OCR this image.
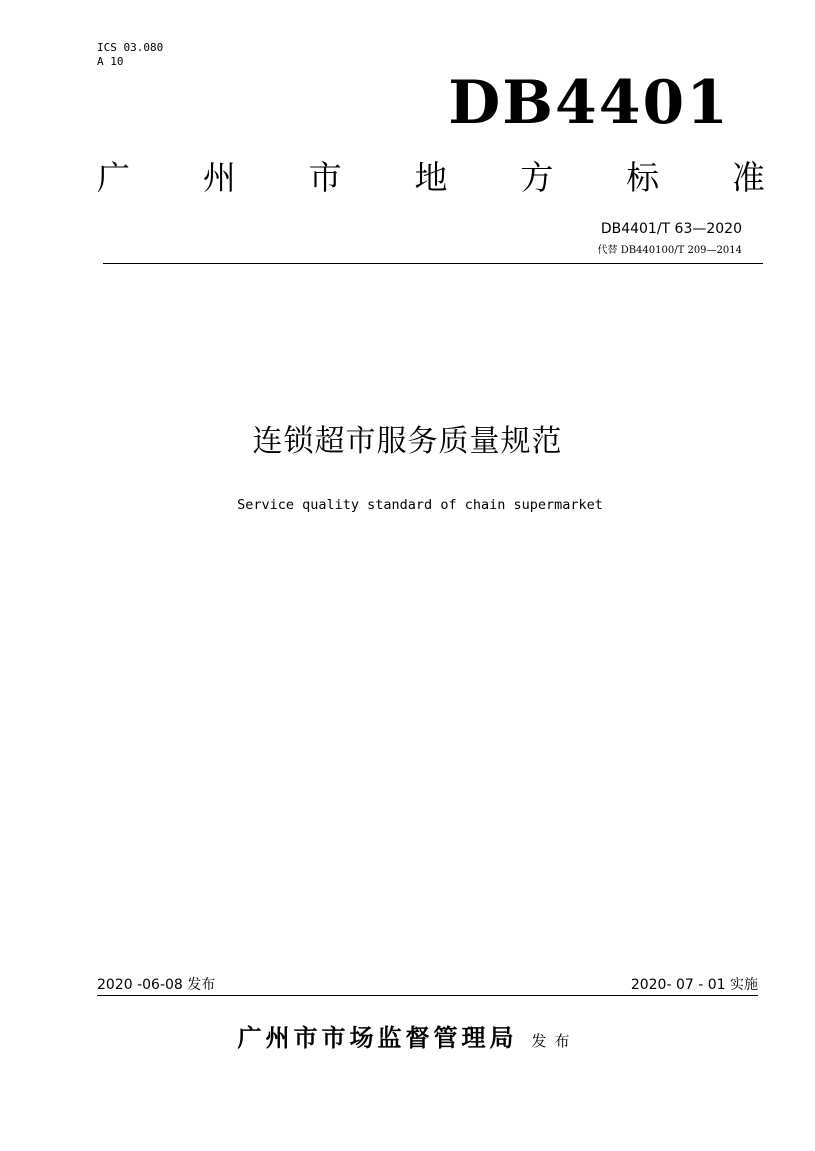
ICS 03.080
A 10
DB4401
广 州 市 地 方 标 准
DB4401/T 63—2020
代替 DB440100/T 209—2014
连锁超市服务质量规范
Service quality standard of chain supermarket
2020 -06-08 发布	2020- 07 - 01 实施
广州市市场监督管理局 发布
